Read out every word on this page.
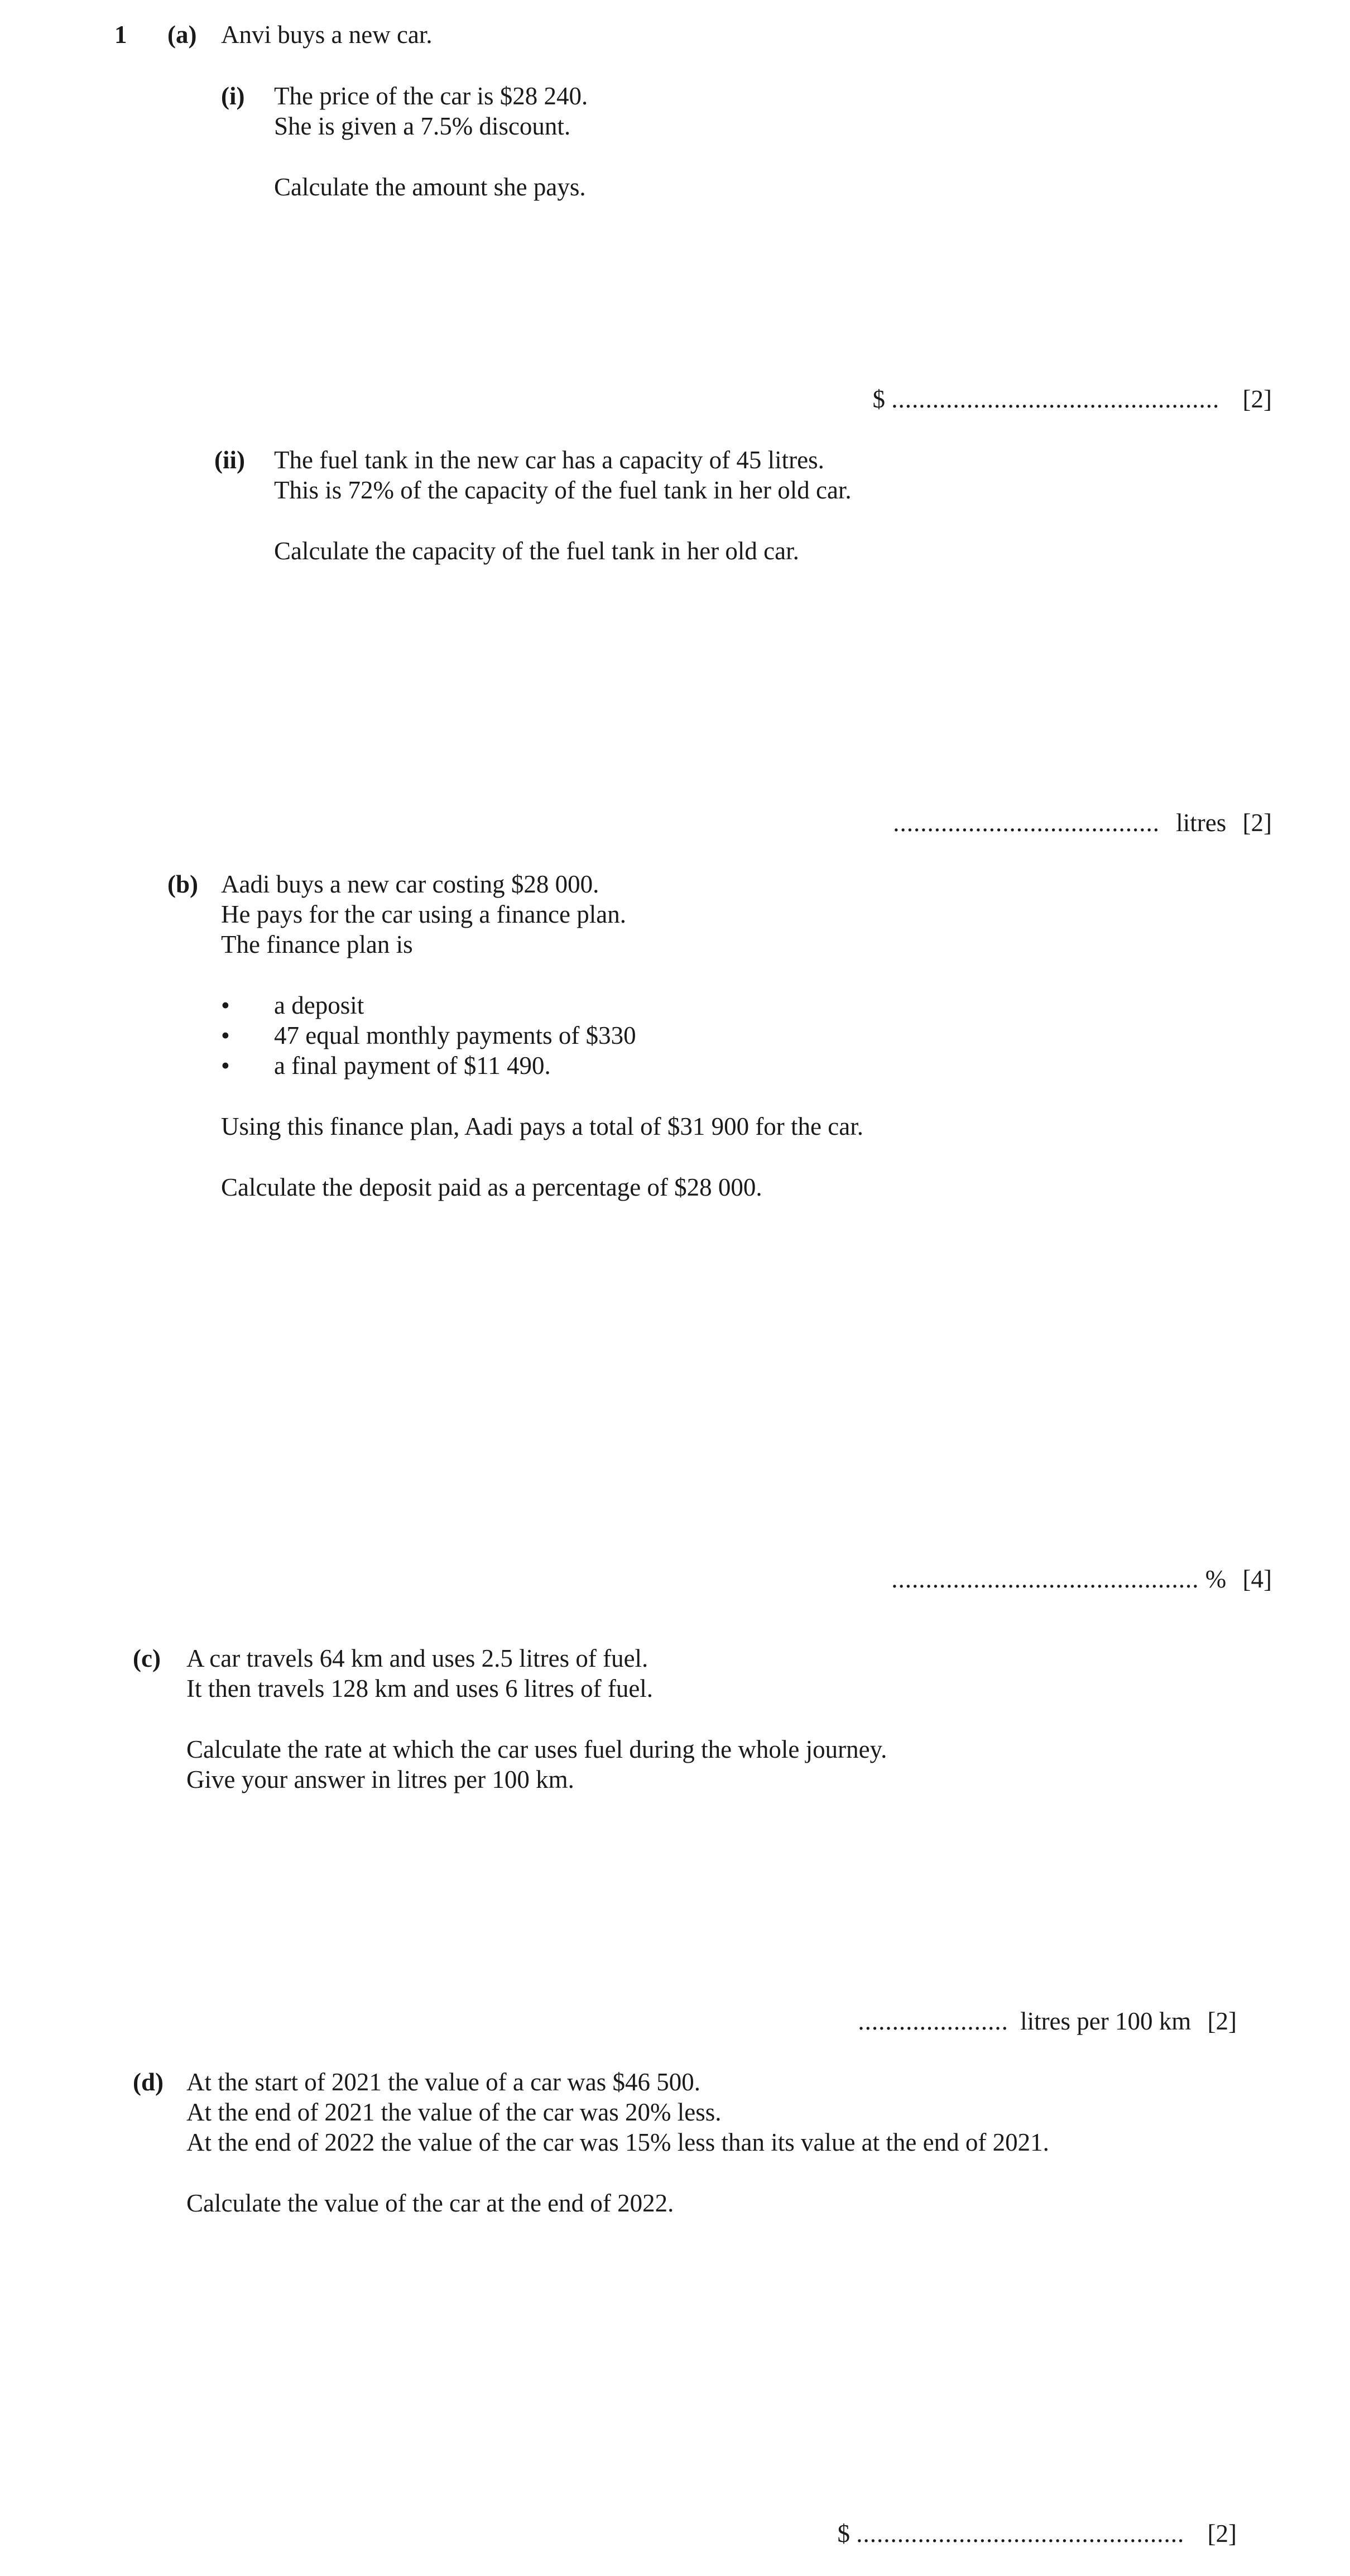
1 (a) Anvi buys a new car.
(i) The price of the car is $28 240.
She is given a 7.5% discount.
Calculate the amount she pays.
$ ................................................ [2]
(ii) The fuel tank in the new car has a capacity of 45 litres.
This is 72% of the capacity of the fuel tank in her old car.
Calculate the capacity of the fuel tank in her old car.
....................................... litres [2]
(b) Aadi buys a new car costing $28 000.
He pays for the car using a finance plan.
The finance plan is
• a deposit
• 47 equal monthly payments of $330
• a final payment of $11 490.
Using this finance plan, Aadi pays a total of $31 900 for the car.
Calculate the deposit paid as a percentage of $28 000.
............................................. % [4]
(c) A car travels 64 km and uses 2.5 litres of fuel.
It then travels 128 km and uses 6 litres of fuel.
Calculate the rate at which the car uses fuel during the whole journey.
Give your answer in litres per 100 km.
...................... litres per 100 km [2]
(d) At the start of 2021 the value of a car was $46 500.
At the end of 2021 the value of the car was 20% less.
At the end of 2022 the value of the car was 15% less than its value at the end of 2021.
Calculate the value of the car at the end of 2022.
$ ................................................ [2]
